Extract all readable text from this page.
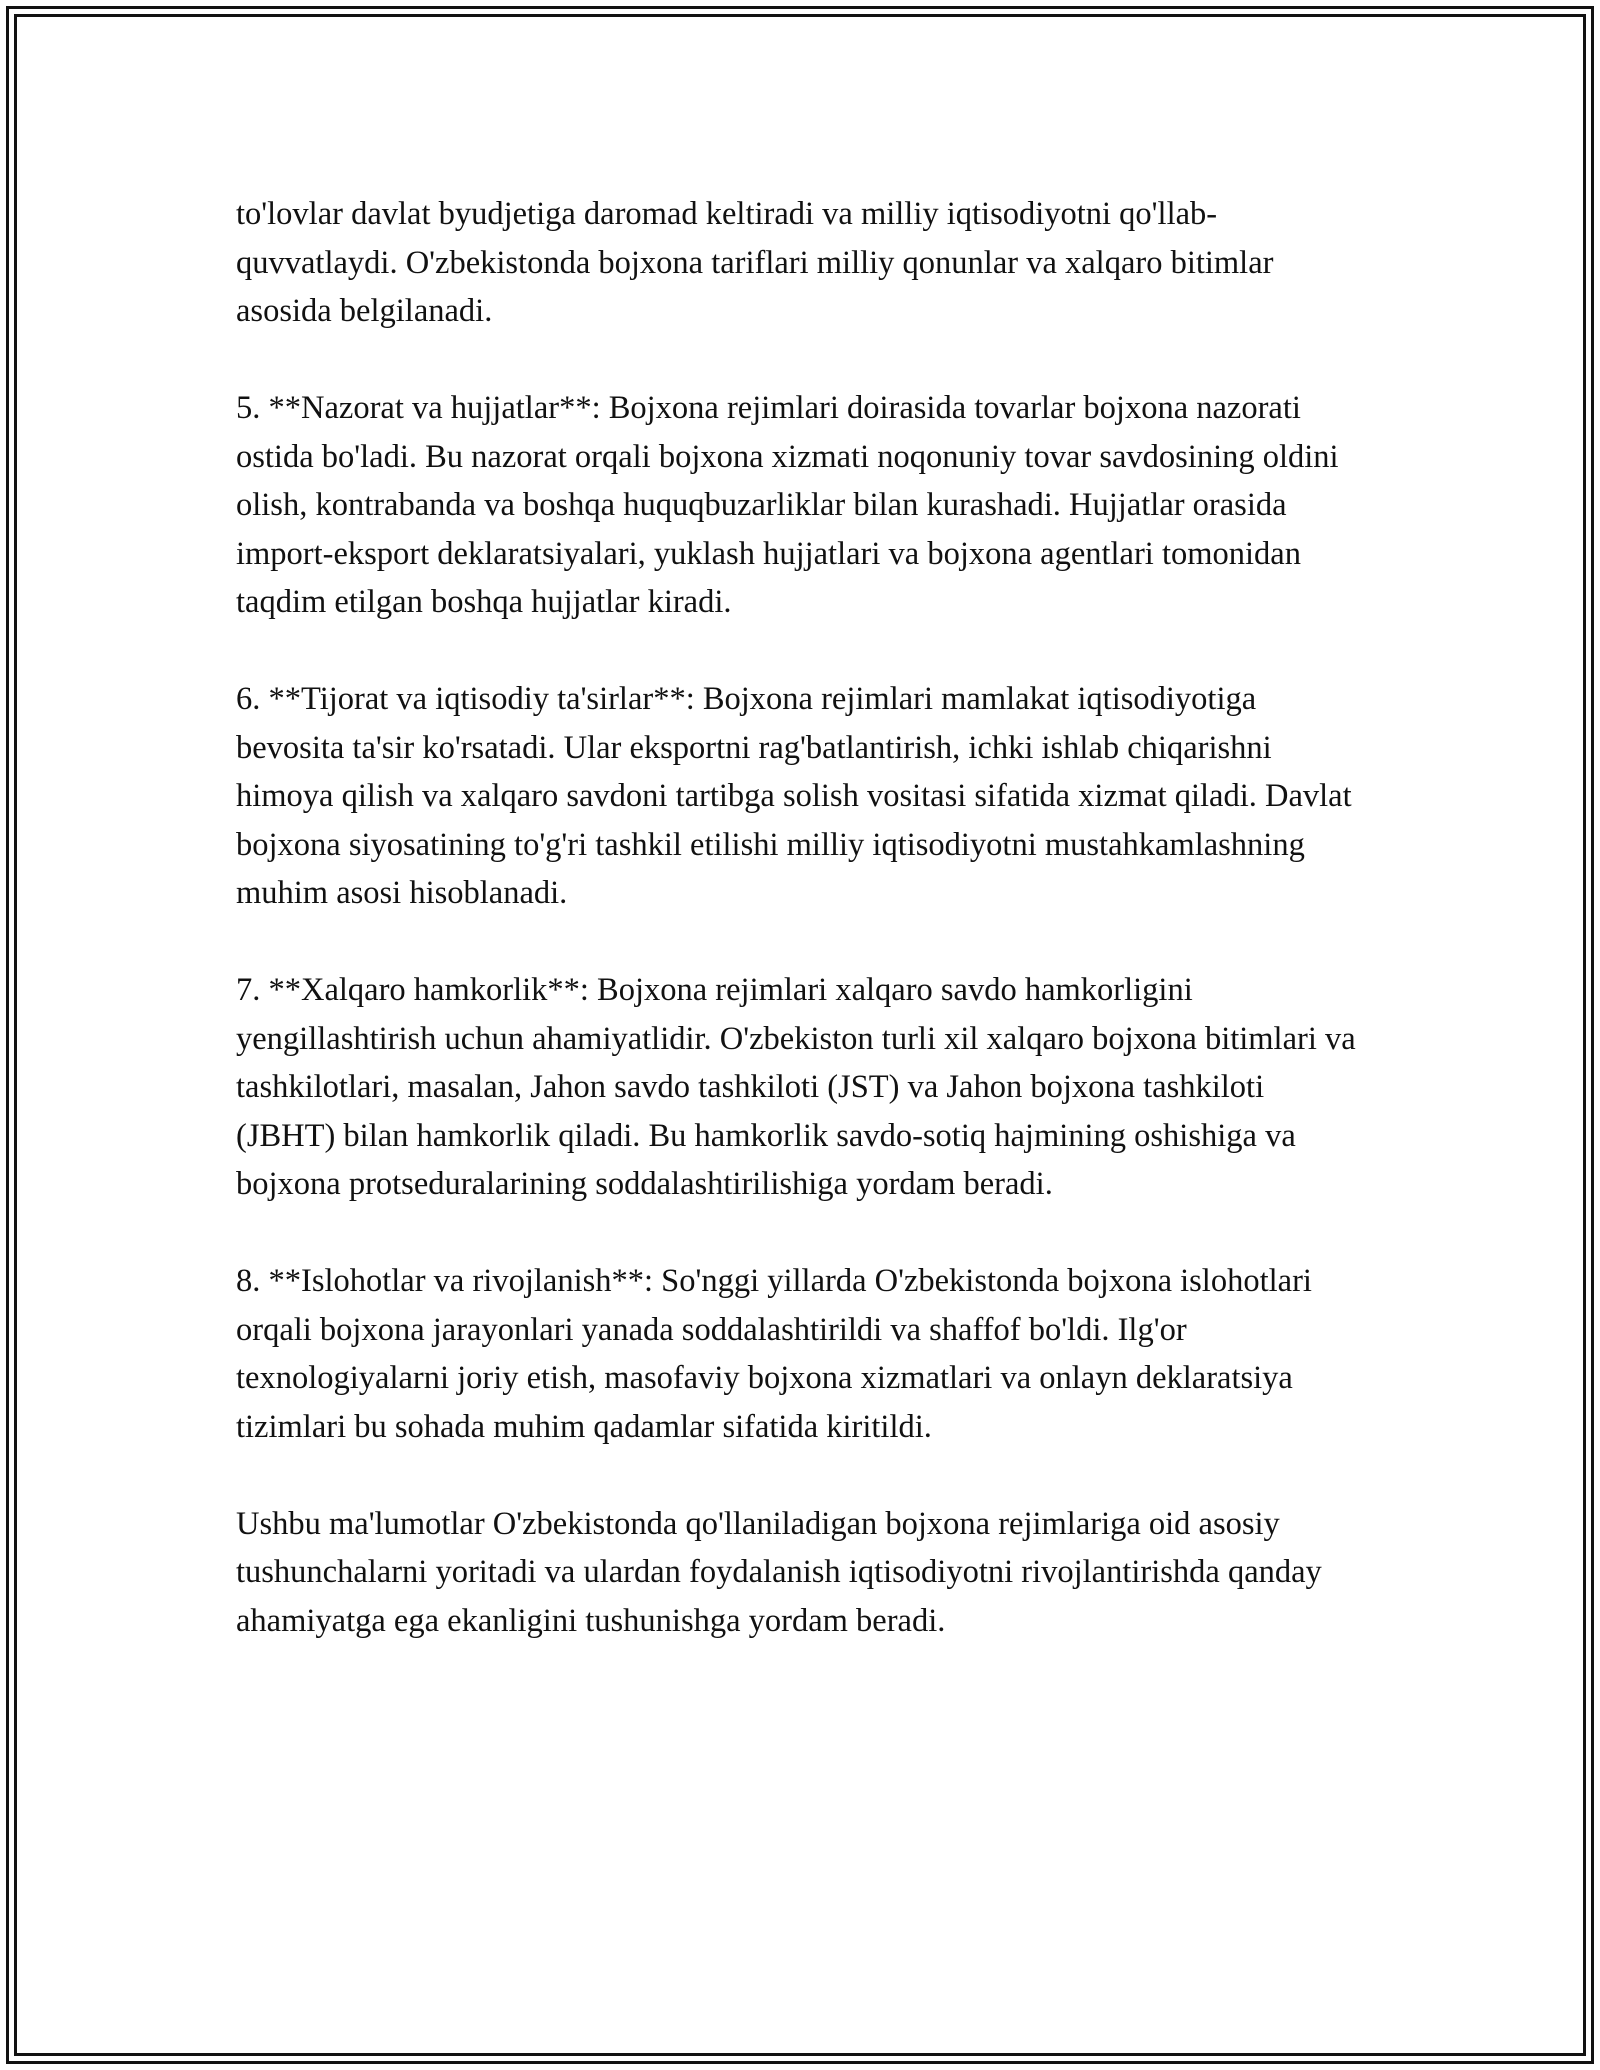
to'lovlar davlat byudjetiga daromad keltiradi va milliy iqtisodiyotni qo'llab-quvvatlaydi. O'zbekistonda bojxona tariflari milliy qonunlar va xalqaro bitimlar asosida belgilanadi.

5. **Nazorat va hujjatlar**: Bojxona rejimlari doirasida tovarlar bojxona nazorati ostida bo'ladi. Bu nazorat orqali bojxona xizmati noqonuniy tovar savdosining oldini olish, kontrabanda va boshqa huquqbuzarliklar bilan kurashadi. Hujjatlar orasida import-eksport deklaratsiyalari, yuklash hujjatlari va bojxona agentlari tomonidan taqdim etilgan boshqa hujjatlar kiradi.

6. **Tijorat va iqtisodiy ta'sirlar**: Bojxona rejimlari mamlakat iqtisodiyotiga bevosita ta'sir ko'rsatadi. Ular eksportni rag'batlantirish, ichki ishlab chiqarishni himoya qilish va xalqaro savdoni tartibga solish vositasi sifatida xizmat qiladi. Davlat bojxona siyosatining to'g'ri tashkil etilishi milliy iqtisodiyotni mustahkamlashning muhim asosi hisoblanadi.

7. **Xalqaro hamkorlik**: Bojxona rejimlari xalqaro savdo hamkorligini yengillashtirish uchun ahamiyatlidir. O'zbekiston turli xil xalqaro bojxona bitimlari va tashkilotlari, masalan, Jahon savdo tashkiloti (JST) va Jahon bojxona tashkiloti (JBHT) bilan hamkorlik qiladi. Bu hamkorlik savdo-sotiq hajmining oshishiga va bojxona protseduralarining soddalashtirilishiga yordam beradi.

8. **Islohotlar va rivojlanish**: So'nggi yillarda O'zbekistonda bojxona islohotlari orqali bojxona jarayonlari yanada soddalashtirildi va shaffof bo'ldi. Ilg'or texnologiyalarni joriy etish, masofaviy bojxona xizmatlari va onlayn deklaratsiya tizimlari bu sohada muhim qadamlar sifatida kiritildi.

Ushbu ma'lumotlar O'zbekistonda qo'llaniladigan bojxona rejimlariga oid asosiy tushunchalarni yoritadi va ulardan foydalanish iqtisodiyotni rivojlantirishda qanday ahamiyatga ega ekanligini tushunishga yordam beradi.
